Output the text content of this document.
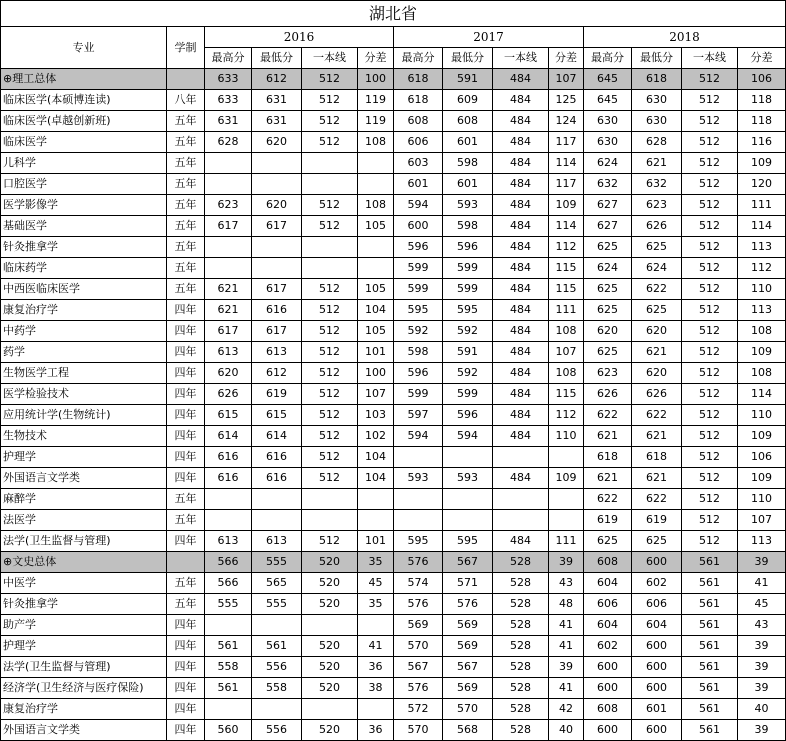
湖北省													
专业	学制	2016				2017				2018			
		最高分	最低分	一本线	分差	最高分	最低分	一本线	分差	最高分	最低分	一本线	分差
⊕理工总体		633	612	512	100	618	591	484	107	645	618	512	106
临床医学(本硕博连读)	八年	633	631	512	119	618	609	484	125	645	630	512	118
临床医学(卓越创新班)	五年	631	631	512	119	608	608	484	124	630	630	512	118
临床医学	五年	628	620	512	108	606	601	484	117	630	628	512	116
儿科学	五年					603	598	484	114	624	621	512	109
口腔医学	五年					601	601	484	117	632	632	512	120
医学影像学	五年	623	620	512	108	594	593	484	109	627	623	512	111
基础医学	五年	617	617	512	105	600	598	484	114	627	626	512	114
针灸推拿学	五年					596	596	484	112	625	625	512	113
临床药学	五年					599	599	484	115	624	624	512	112
中西医临床医学	五年	621	617	512	105	599	599	484	115	625	622	512	110
康复治疗学	四年	621	616	512	104	595	595	484	111	625	625	512	113
中药学	四年	617	617	512	105	592	592	484	108	620	620	512	108
药学	四年	613	613	512	101	598	591	484	107	625	621	512	109
生物医学工程	四年	620	612	512	100	596	592	484	108	623	620	512	108
医学检验技术	四年	626	619	512	107	599	599	484	115	626	626	512	114
应用统计学(生物统计)	四年	615	615	512	103	597	596	484	112	622	622	512	110
生物技术	四年	614	614	512	102	594	594	484	110	621	621	512	109
护理学	四年	616	616	512	104					618	618	512	106
外国语言文学类	四年	616	616	512	104	593	593	484	109	621	621	512	109
麻醉学	五年									622	622	512	110
法医学	五年									619	619	512	107
法学(卫生监督与管理)	四年	613	613	512	101	595	595	484	111	625	625	512	113
⊕文史总体		566	555	520	35	576	567	528	39	608	600	561	39
中医学	五年	566	565	520	45	574	571	528	43	604	602	561	41
针灸推拿学	五年	555	555	520	35	576	576	528	48	606	606	561	45
助产学	四年					569	569	528	41	604	604	561	43
护理学	四年	561	561	520	41	570	569	528	41	602	600	561	39
法学(卫生监督与管理)	四年	558	556	520	36	567	567	528	39	600	600	561	39
经济学(卫生经济与医疗保险)	四年	561	558	520	38	576	569	528	41	600	600	561	39
康复治疗学	四年					572	570	528	42	608	601	561	40
外国语言文学类	四年	560	556	520	36	570	568	528	40	600	600	561	39
